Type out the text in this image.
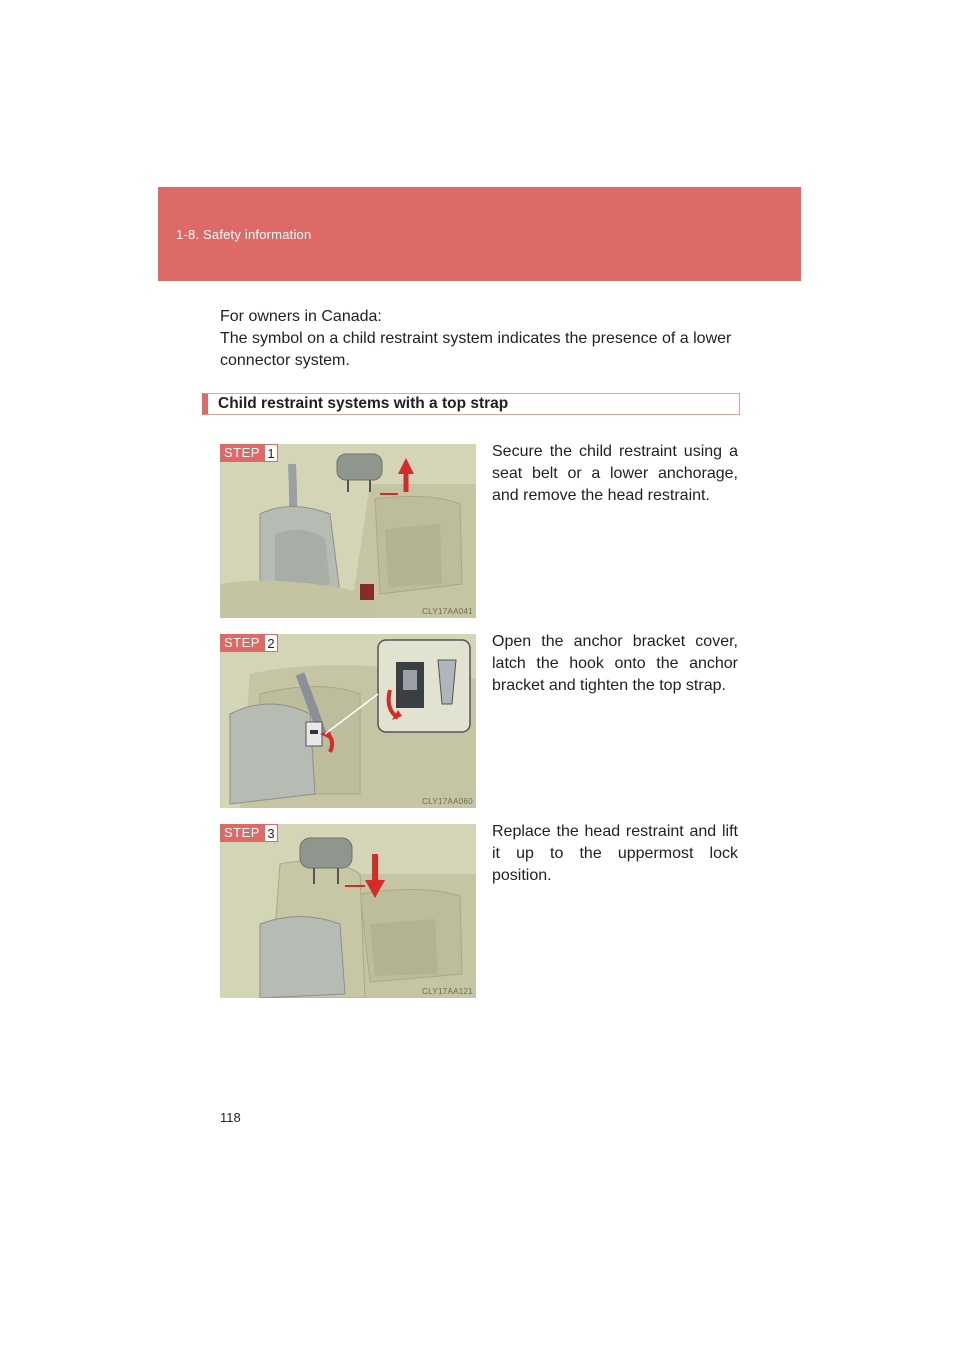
1-8. Safety information

For owners in Canada:

The symbol on a child restraint system indicates the presence of a lower connector system.

Child restraint systems with a top strap
STEP 1
CLY17AA041

Secure the child restraint using a seat belt or a lower anchorage, and remove the head restraint.

STEP 2
CLY17AA060

Open the anchor bracket cover, latch the hook onto the anchor bracket and tighten the top strap.

STEP 3
CLY17AA121

Replace the head restraint and lift it up to the uppermost lock position.

118
